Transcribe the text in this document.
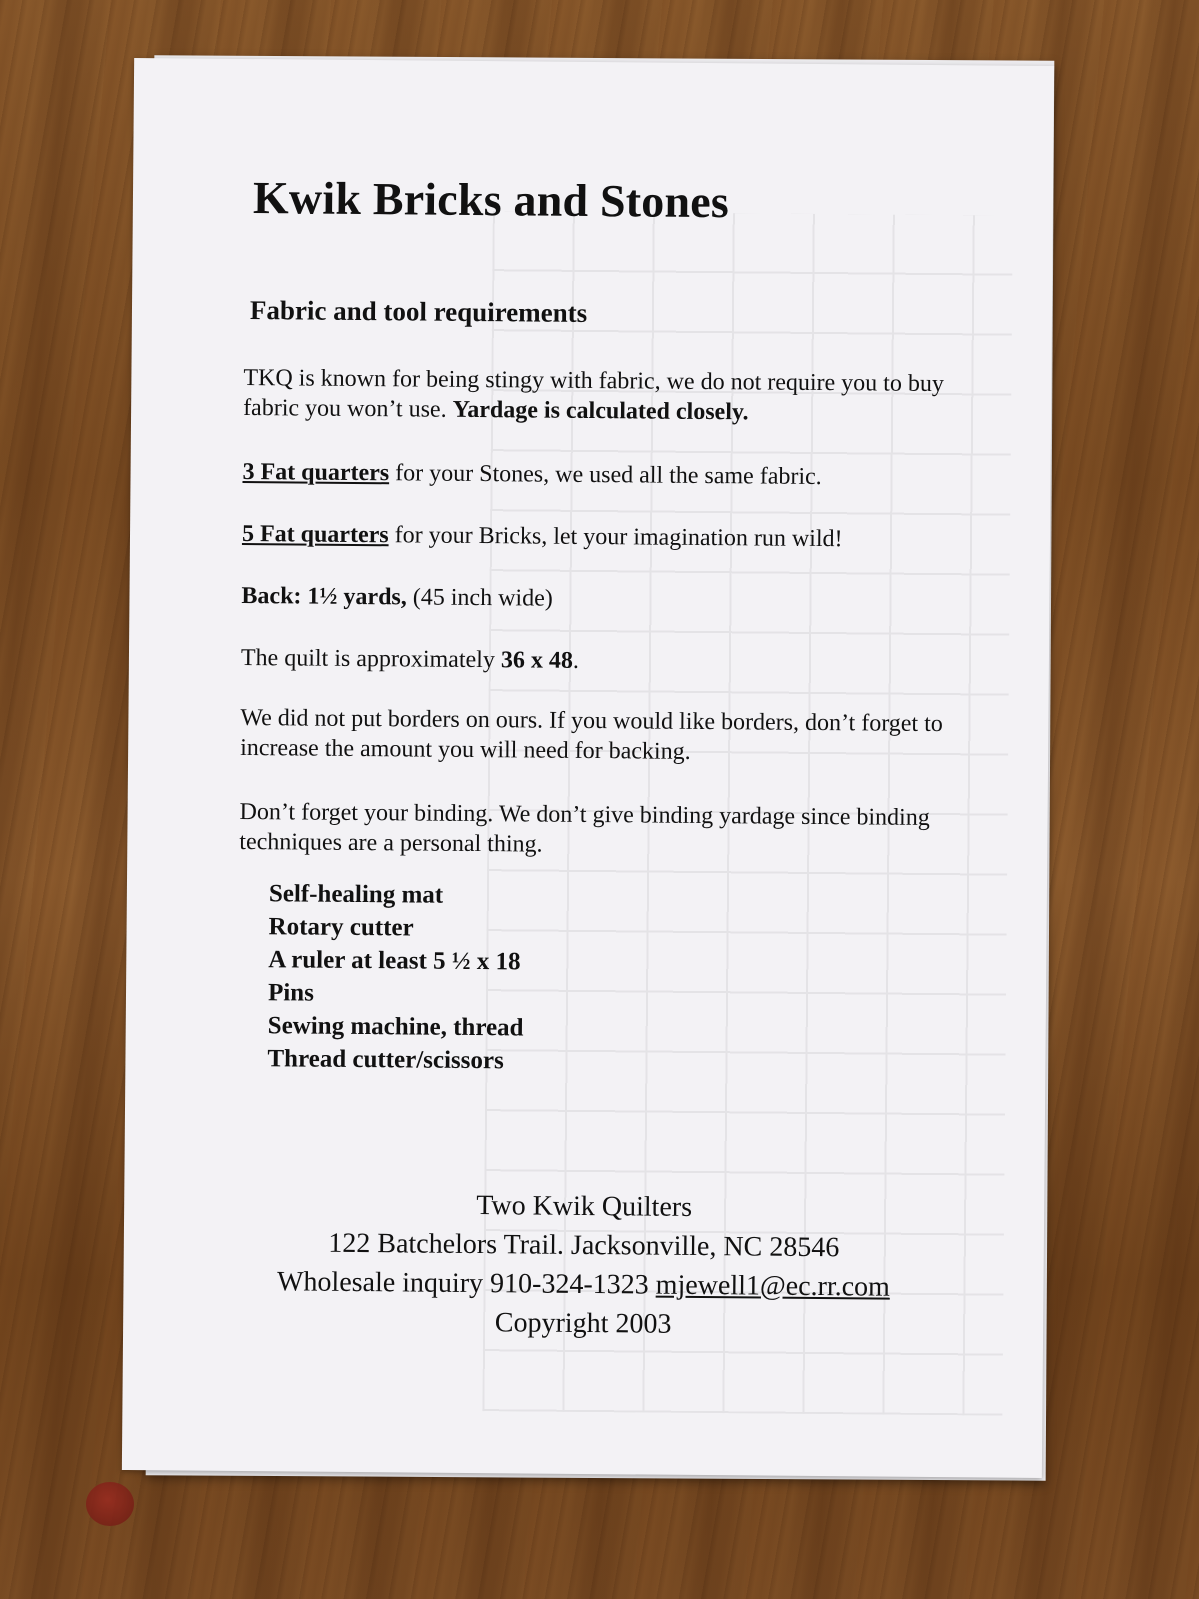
Kwik Bricks and Stones
Fabric and tool requirements

TKQ is known for being stingy with fabric, we do not require you to buy fabric you won’t use. Yardage is calculated closely.

3 Fat quarters for your Stones, we used all the same fabric.

5 Fat quarters for your Bricks, let your imagination run wild!

Back: 1½ yards, (45 inch wide)

The quilt is approximately 36 x 48.

We did not put borders on ours. If you would like borders, don’t forget to increase the amount you will need for backing.

Don’t forget your binding. We don’t give binding yardage since binding techniques are a personal thing.

Self-healing mat
Rotary cutter
A ruler at least 5 ½ x 18
Pins
Sewing machine, thread
Thread cutter/scissors
Two Kwik Quilters
122 Batchelors Trail. Jacksonville, NC 28546
Wholesale inquiry 910-324-1323 mjewell1@ec.rr.com
Copyright 2003
